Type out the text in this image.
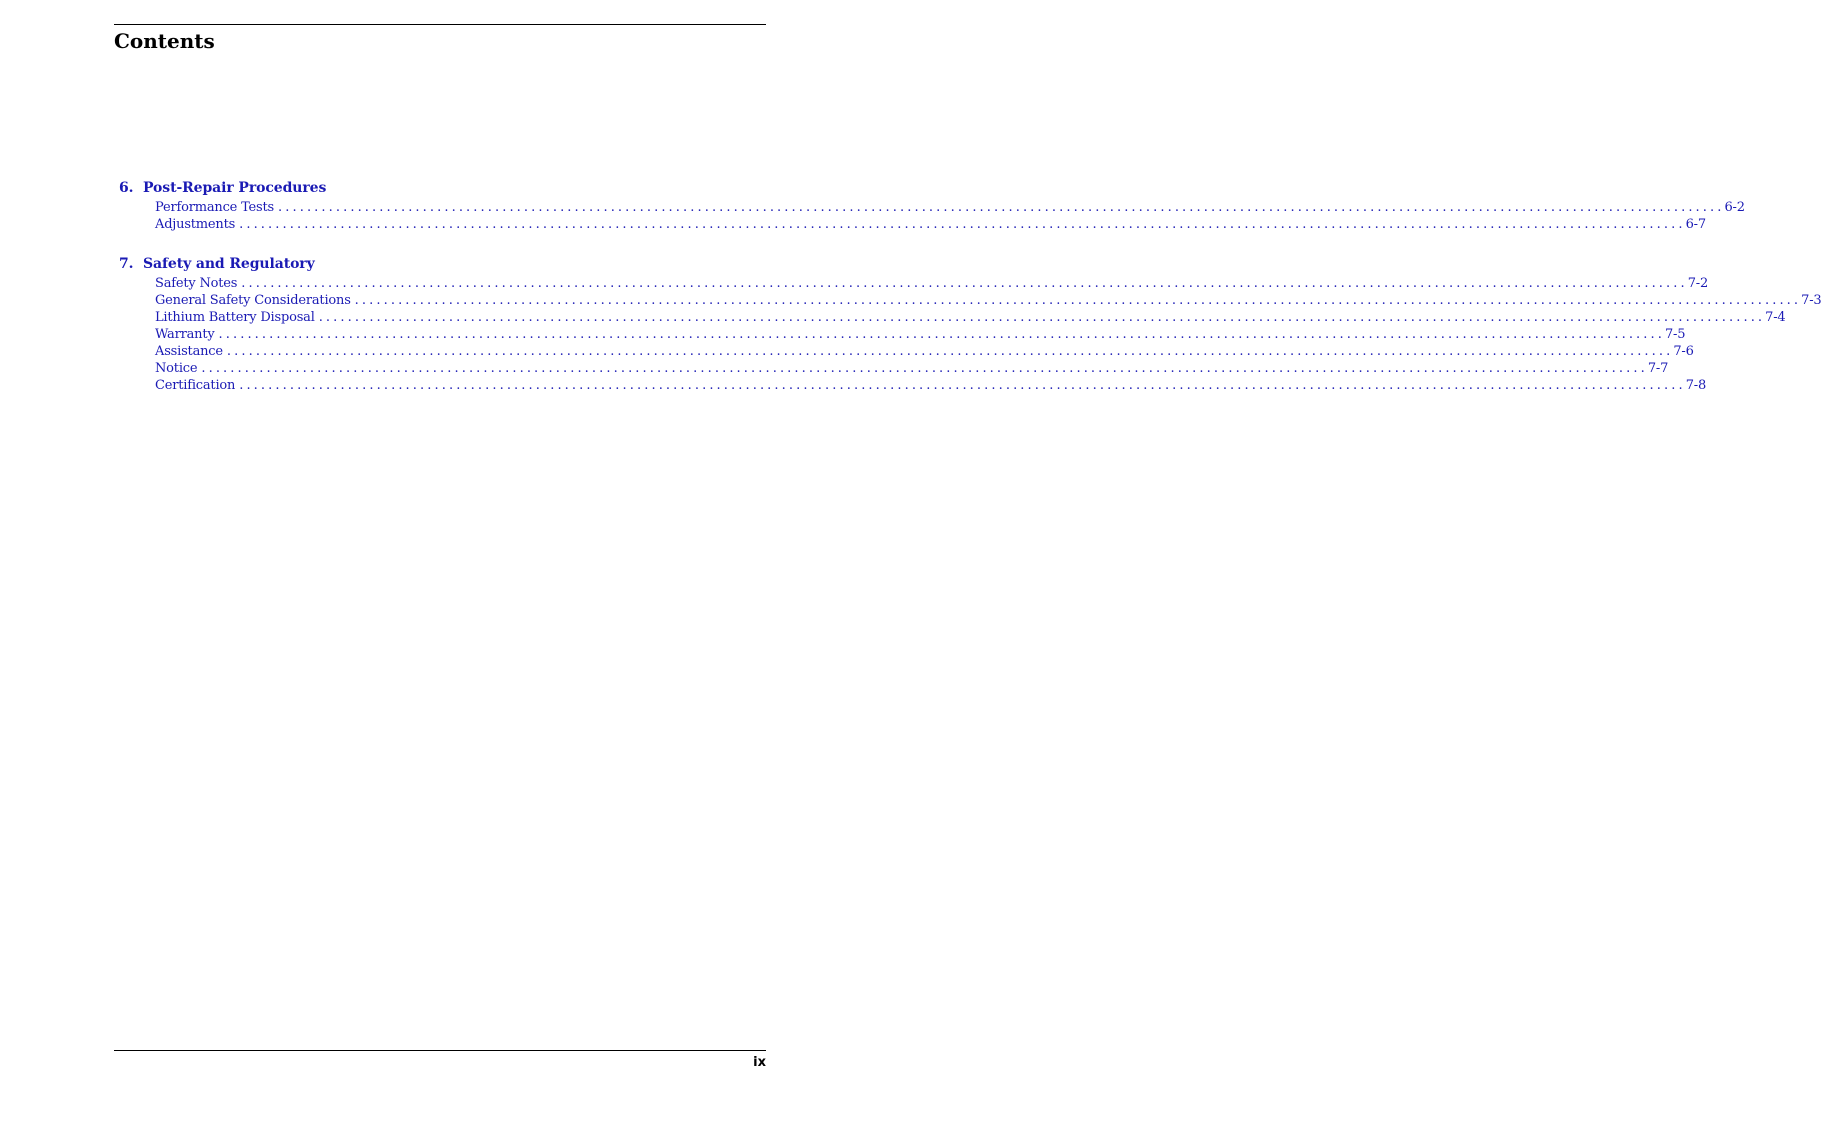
Contents
6. Post-Repair Procedures
Performance Tests ........................................................................................................................................................................................................ 6-2
Adjustments ........................................................................................................................................................................................................ 6-7
7. Safety and Regulatory
Safety Notes ........................................................................................................................................................................................................ 7-2
General Safety Considerations ........................................................................................................................................................................................................ 7-3
Lithium Battery Disposal ........................................................................................................................................................................................................ 7-4
Warranty ........................................................................................................................................................................................................ 7-5
Assistance ........................................................................................................................................................................................................ 7-6
Notice ........................................................................................................................................................................................................ 7-7
Certification ........................................................................................................................................................................................................ 7-8
ix
